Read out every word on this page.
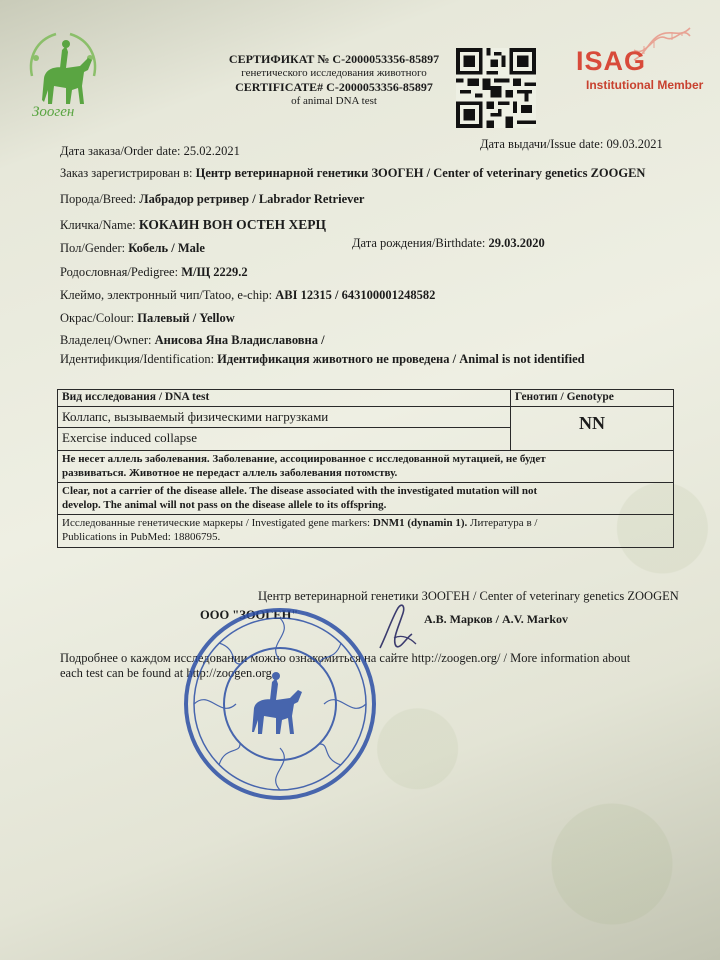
Зооген
СЕРТИФИКАТ № С-2000053356-85897
генетического исследования животного
CERTIFICATE# C-2000053356-85897
of animal DNA test
ISAG
Institutional Member
Дата заказа/Order date: 25.02.2021	Дата выдачи/Issue date: 09.03.2021
Заказ зарегистрирован в: Центр ветеринарной генетики ЗООГЕН / Center of veterinary genetics ZOOGEN
Порода/Breed: Лабрадор ретривер / Labrador Retriever
Кличка/Name: КОКАИН ВОН ОСТЕН ХЕРЦ
Пол/Gender: Кобель / Male	Дата рождения/Birthdate: 29.03.2020
Родословная/Pedigree: М/Щ 2229.2
Клеймо, электронный чип/Tatoo, e-chip: ABI 12315 / 643100001248582
Окрас/Colour: Палевый / Yellow
Владелец/Owner: Анисова Яна Владиславовна /
Идентификция/Identification: Идентификация животного не проведена / Animal is not identified
Вид исследования / DNA test	Генотип / Genotype
Коллапс, вызываемый физическими нагрузками
Exercise induced collapse
NN
Не несет аллель заболевания. Заболевание, ассоциированное с исследованной мутацией, не будет
развиваться. Животное не передаст аллель заболевания потомству.
Clear, not a carrier of the disease allele. The disease associated with the investigated mutation will not
develop. The animal will not pass on the disease allele to its offspring.
Исследованные генетические маркеры / Investigated gene markers: DNM1 (dynamin 1). Литература в /
Publications in PubMed: 18806795.
Центр ветеринарной генетики ЗООГЕН / Center of veterinary genetics ZOOGEN
ООО "ЗООГЕН"	А.В. Марков / A.V. Markov
Подробнее о каждом исследовании можно ознакомиться на сайте http://zoogen.org/ / More information about
each test can be found at http://zoogen.org
